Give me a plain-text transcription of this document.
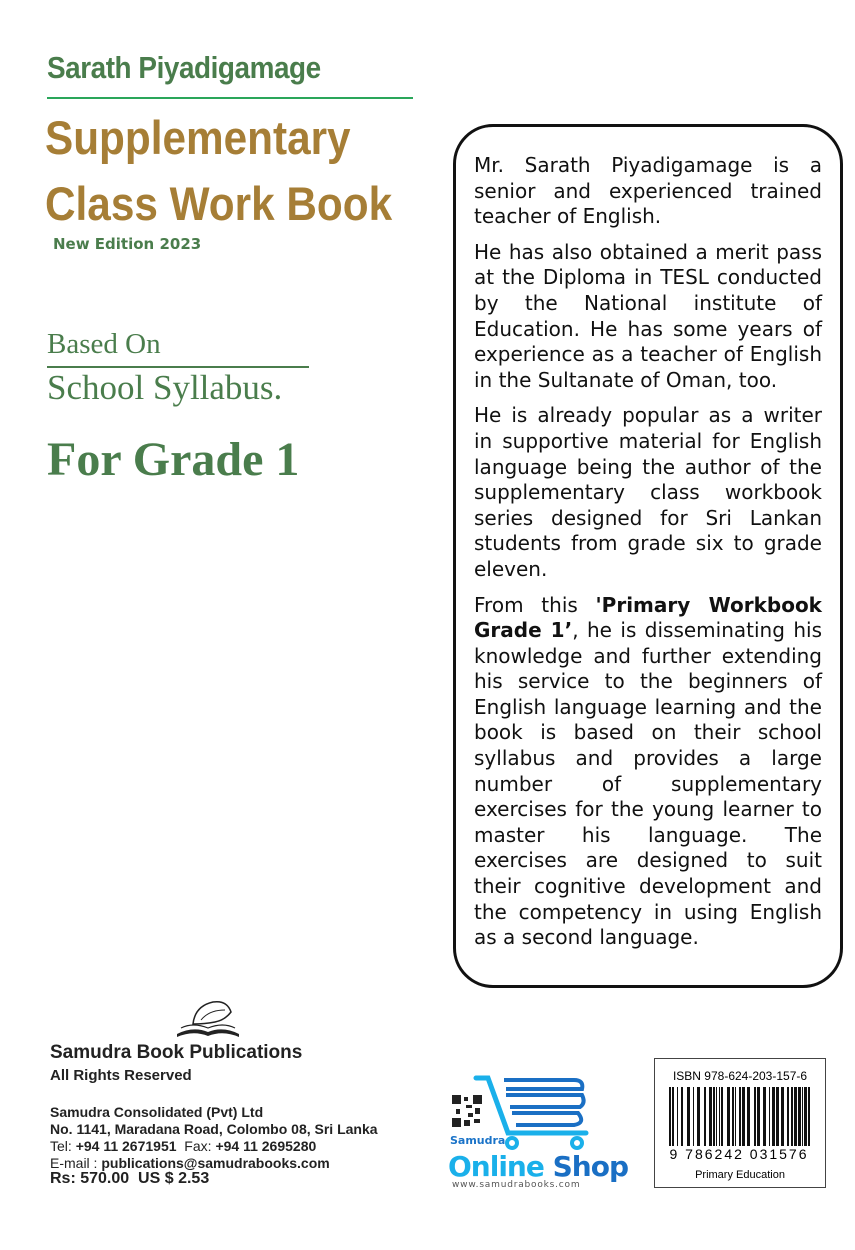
Sarath Piyadigamage
Supplementary
Class Work Book
New Edition 2023
Based On
School Syllabus.
For Grade 1

Mr. Sarath Piyadigamage is a senior and experienced trained teacher of English.

He has also obtained a merit pass at the Diploma in TESL conducted by the National institute of Education. He has some years of experience as a teacher of English in the Sultanate of Oman, too.

He is already popular as a writer in supportive material for English language being the author of the supplementary class workbook series designed for Sri Lankan students from grade six to grade eleven.

From this 'Primary Workbook Grade 1’, he is disseminating his knowledge and further extending his service to the beginners of English language learning and the book is based on their school syllabus and provides a large number of supplementary exercises for the young learner to master his language. The exercises are designed to suit their cognitive development and the competency in using English as a second language.

Samudra Book Publications
All Rights Reserved
Samudra Consolidated (Pvt) Ltd
No. 1141, Maradana Road, Colombo 08, Sri Lanka
Tel: +94 11 2671951  Fax: +94 11 2695280
E-mail : publications@samudrabooks.com
Rs: 570.00  US $ 2.53
Samudra
Online Shop
www.samudrabooks.com
ISBN 978-624-203-157-6
9 786242 031576
Primary Education
